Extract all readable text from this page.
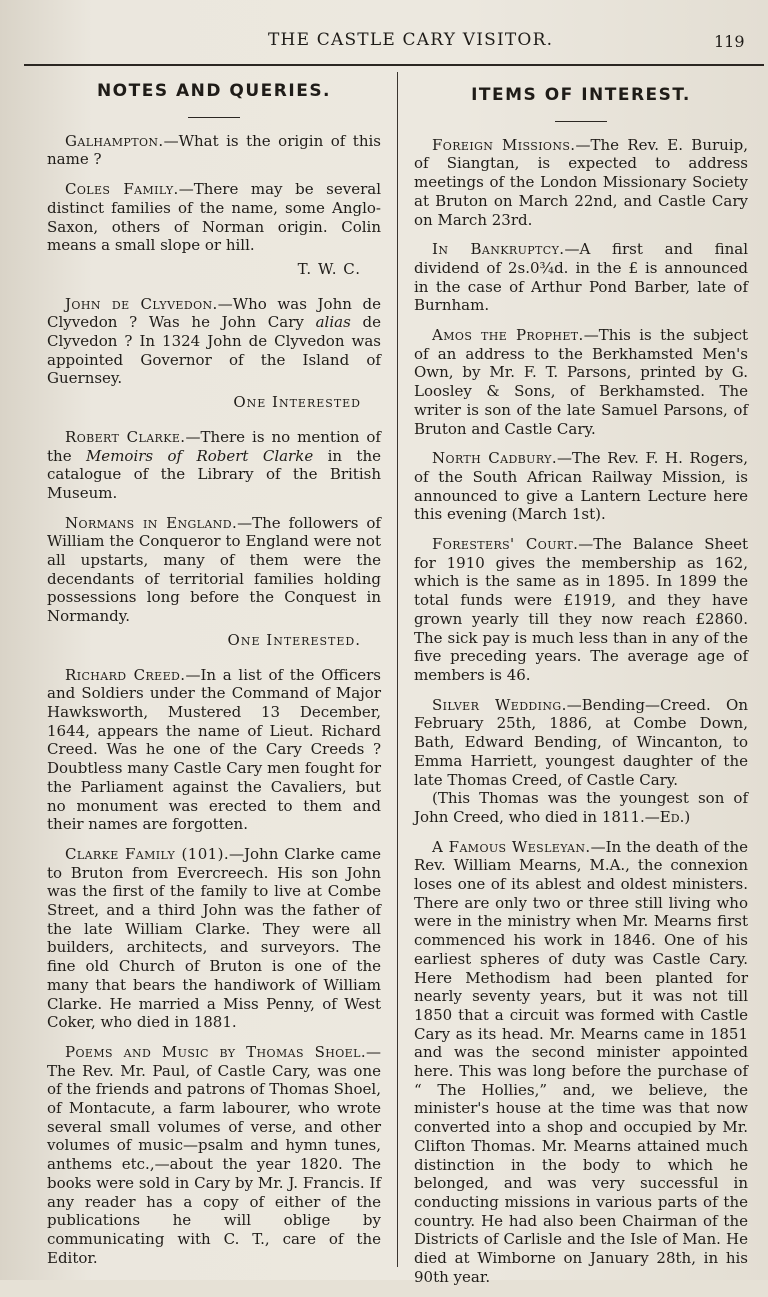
THE CASTLE CARY VISITOR.	119
NOTES AND QUERIES.

Galhampton.—What is the origin of this name ?

Coles Family.—There may be several distinct families of the name, some Anglo-Saxon, others of Norman origin. Colin means a small slope or hill.

T. W. C.

John de Clyvedon.—Who was John de Clyvedon ? Was he John Cary alias de Clyvedon ? In 1324 John de Clyvedon was appointed Governor of the Island of Guernsey.

One Interested

Robert Clarke.—There is no mention of the Memoirs of Robert Clarke in the catalogue of the Library of the British Museum.

Normans in England.—The followers of William the Conqueror to England were not all upstarts, many of them were the decendants of territorial families holding possessions long before the Conquest in Normandy.

One Interested.

Richard Creed.—In a list of the Officers and Soldiers under the Command of Major Hawksworth, Mustered 13 December, 1644, appears the name of Lieut. Richard Creed. Was he one of the Cary Creeds ? Doubtless many Castle Cary men fought for the Parliament against the Cavaliers, but no monument was erected to them and their names are forgotten.

Clarke Family (101).—John Clarke came to Bruton from Evercreech. His son John was the first of the family to live at Combe Street, and a third John was the father of the late William Clarke. They were all builders, architects, and surveyors. The fine old Church of Bruton is one of the many that bears the handiwork of William Clarke. He married a Miss Penny, of West Coker, who died in 1881.

Poems and Music by Thomas Shoel.—The Rev. Mr. Paul, of Castle Cary, was one of the friends and patrons of Thomas Shoel, of Montacute, a farm labourer, who wrote several small volumes of verse, and other volumes of music—psalm and hymn tunes, anthems etc.,—about the year 1820. The books were sold in Cary by Mr. J. Francis. If any reader has a copy of either of the publications he will oblige by communicating with C. T., care of the Editor.

ITEMS OF INTEREST.

Foreign Missions.—The Rev. E. Buruip, of Siangtan, is expected to address meetings of the London Missionary Society at Bruton on March 22nd, and Castle Cary on March 23rd.

In Bankruptcy.—A first and final dividend of 2s.0¾d. in the £ is announced in the case of Arthur Pond Barber, late of Burnham.

Amos the Prophet.—This is the subject of an address to the Berkhamsted Men's Own, by Mr. F. T. Parsons, printed by G. Loosley & Sons, of Berkhamsted. The writer is son of the late Samuel Parsons, of Bruton and Castle Cary.

North Cadbury.—The Rev. F. H. Rogers, of the South African Railway Mission, is announced to give a Lantern Lecture here this evening (March 1st).

Foresters' Court.—The Balance Sheet for 1910 gives the membership as 162, which is the same as in 1895. In 1899 the total funds were £1919, and they have grown yearly till they now reach £2860. The sick pay is much less than in any of the five preceding years. The average age of members is 46.

Silver Wedding.—Bending—Creed. On February 25th, 1886, at Combe Down, Bath, Edward Bending, of Wincanton, to Emma Harriett, youngest daughter of the late Thomas Creed, of Castle Cary.

(This Thomas was the youngest son of John Creed, who died in 1811.—Ed.)

A Famous Wesleyan.—In the death of the Rev. William Mearns, M.A., the connexion loses one of its ablest and oldest ministers. There are only two or three still living who were in the ministry when Mr. Mearns first commenced his work in 1846. One of his earliest spheres of duty was Castle Cary. Here Methodism had been planted for nearly seventy years, but it was not till 1850 that a circuit was formed with Castle Cary as its head. Mr. Mearns came in 1851 and was the second minister appointed here. This was long before the purchase of “ The Hollies,” and, we believe, the minister's house at the time was that now converted into a shop and occupied by Mr. Clifton Thomas. Mr. Mearns attained much distinction in the body to which he belonged, and was very successful in conducting missions in various parts of the country. He had also been Chairman of the Districts of Carlisle and the Isle of Man. He died at Wimborne on January 28th, in his 90th year.
